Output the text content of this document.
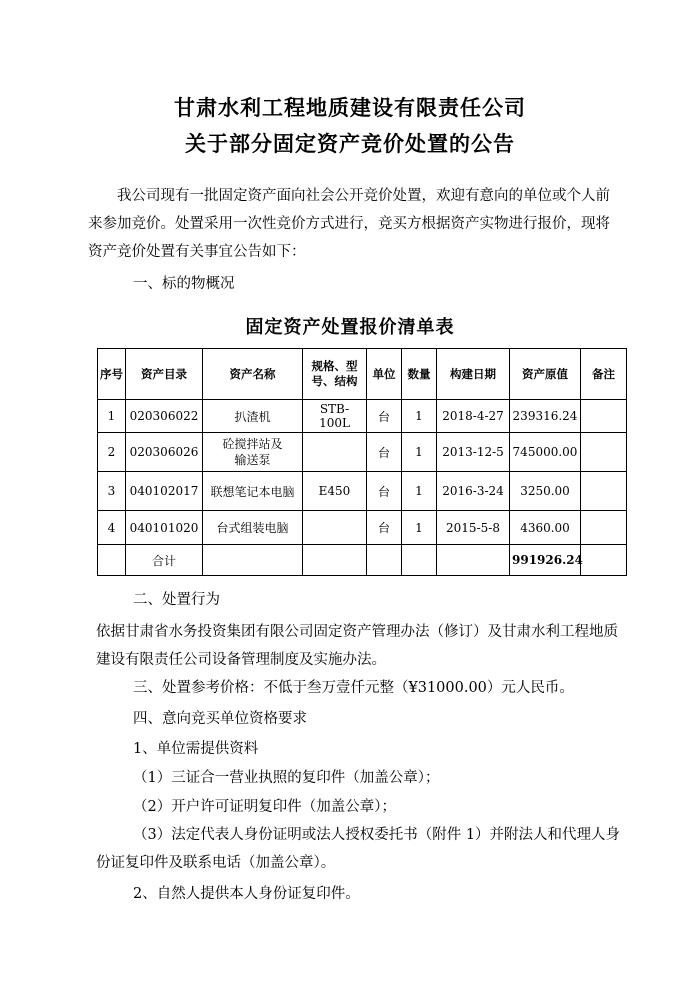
甘肃水利工程地质建设有限责任公司
关于部分固定资产竞价处置的公告
我公司现有一批固定资产面向社会公开竞价处置，欢迎有意向的单位或个人前来参加竞价。处置采用一次性竞价方式进行，竞买方根据资产实物进行报价，现将资产竞价处置有关事宜公告如下：
一、标的物概况
固定资产处置报价清单表
序号	资产目录	资产名称	规格、型号、结构	单位	数量	构建日期	资产原值	备注
1	020306022	扒渣机	STB-100L	台	1	2018-4-27	239316.24	
2	020306026	砼搅拌站及输送泵		台	1	2013-12-5	745000.00	
3	040102017	联想笔记本电脑	E450	台	1	2016-3-24	3250.00	
4	040101020	台式组装电脑		台	1	2015-5-8	4360.00	
	合计						991926.24	
二、处置行为
依据甘肃省水务投资集团有限公司固定资产管理办法（修订）及甘肃水利工程地质建设有限责任公司设备管理制度及实施办法。
三、处置参考价格：不低于叁万壹仟元整（¥31000.00）元人民币。
四、意向竞买单位资格要求
1、单位需提供资料
（1）三证合一营业执照的复印件（加盖公章）；
（2）开户许可证明复印件（加盖公章）；
（3）法定代表人身份证明或法人授权委托书（附件 1）并附法人和代理人身份证复印件及联系电话（加盖公章）。
2、自然人提供本人身份证复印件。
